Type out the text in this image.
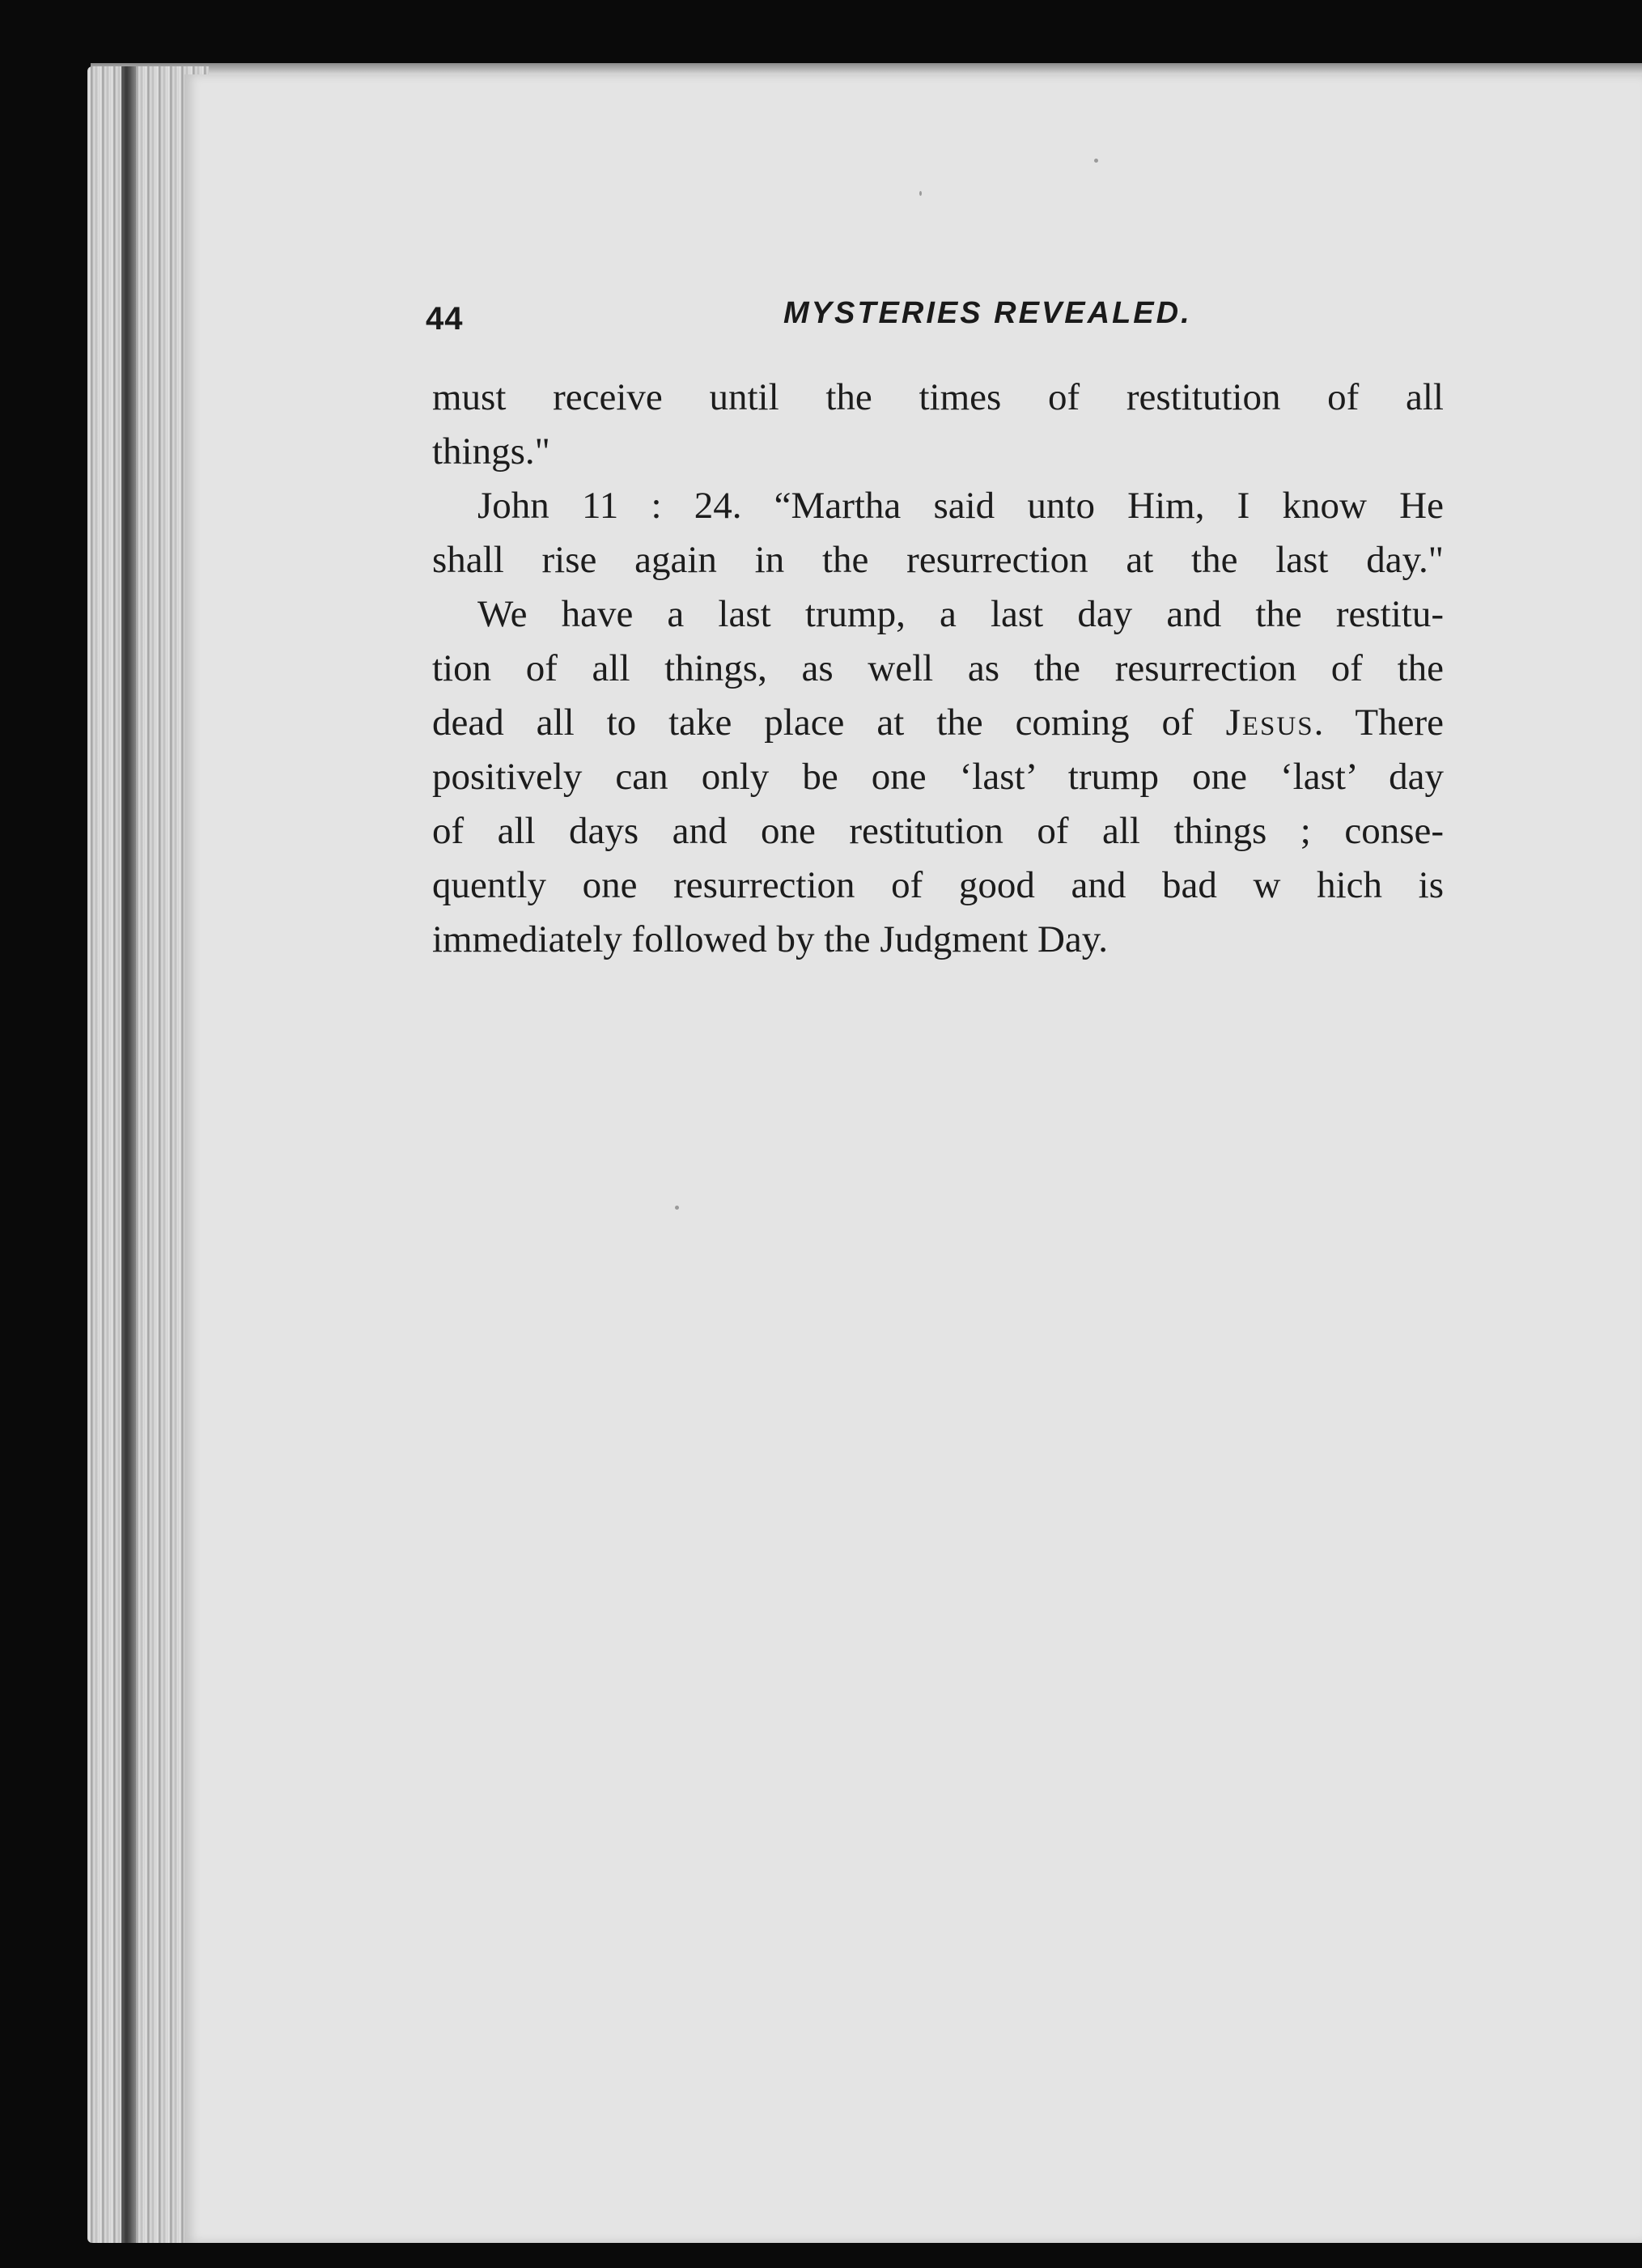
44	MYSTERIES REVEALED.
must receive until the times of restitution of all
things."
John 11 : 24. “Martha said unto Him, I know He
shall rise again in the resurrection at the last day."
We have a last trump, a last day and the restitu-
tion of all things, as well as the resurrection of the
dead all to take place at the coming of Jesus. There
positively can only be one ‘last’ trump one ‘last’ day
of all days and one restitution of all things ; conse-
quently one resurrection of good and bad w hich is
immediately followed by the Judgment Day.
